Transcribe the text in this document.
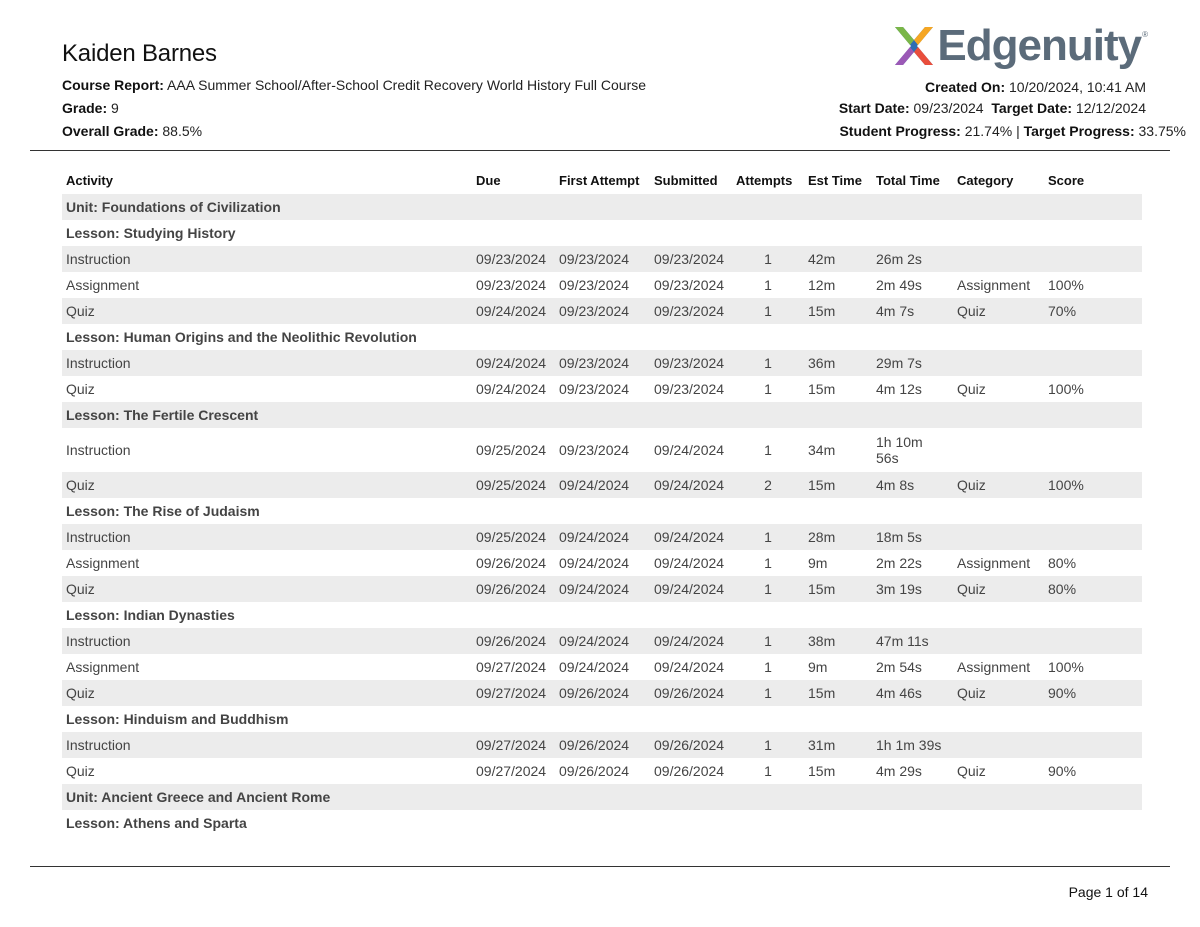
Kaiden Barnes
Course Report: AAA Summer School/After-School Credit Recovery World History Full Course
Grade: 9
Overall Grade: 88.5%
Edgenuity ®
Created On: 10/20/2024, 10:41 AM
Start Date: 09/23/2024 Target Date: 12/12/2024
Student Progress: 21.74% | Target Progress: 33.75%
Activity	Due	First Attempt	Submitted	Attempts	Est Time	Total Time	Category	Score
Unit: Foundations of Civilization								
Lesson: Studying History								
Instruction	09/23/2024	09/23/2024	09/23/2024	1	42m	26m 2s		
Assignment	09/23/2024	09/23/2024	09/23/2024	1	12m	2m 49s	Assignment	100%
Quiz	09/24/2024	09/23/2024	09/23/2024	1	15m	4m 7s	Quiz	70%
Lesson: Human Origins and the Neolithic Revolution								
Instruction	09/24/2024	09/23/2024	09/23/2024	1	36m	29m 7s		
Quiz	09/24/2024	09/23/2024	09/23/2024	1	15m	4m 12s	Quiz	100%
Lesson: The Fertile Crescent								
Instruction	09/25/2024	09/23/2024	09/24/2024	1	34m	1h 10m 56s		
Quiz	09/25/2024	09/24/2024	09/24/2024	2	15m	4m 8s	Quiz	100%
Lesson: The Rise of Judaism								
Instruction	09/25/2024	09/24/2024	09/24/2024	1	28m	18m 5s		
Assignment	09/26/2024	09/24/2024	09/24/2024	1	9m	2m 22s	Assignment	80%
Quiz	09/26/2024	09/24/2024	09/24/2024	1	15m	3m 19s	Quiz	80%
Lesson: Indian Dynasties								
Instruction	09/26/2024	09/24/2024	09/24/2024	1	38m	47m 11s		
Assignment	09/27/2024	09/24/2024	09/24/2024	1	9m	2m 54s	Assignment	100%
Quiz	09/27/2024	09/26/2024	09/26/2024	1	15m	4m 46s	Quiz	90%
Lesson: Hinduism and Buddhism								
Instruction	09/27/2024	09/26/2024	09/26/2024	1	31m	1h 1m 39s		
Quiz	09/27/2024	09/26/2024	09/26/2024	1	15m	4m 29s	Quiz	90%
Unit: Ancient Greece and Ancient Rome								
Lesson: Athens and Sparta								
Page 1 of 14
